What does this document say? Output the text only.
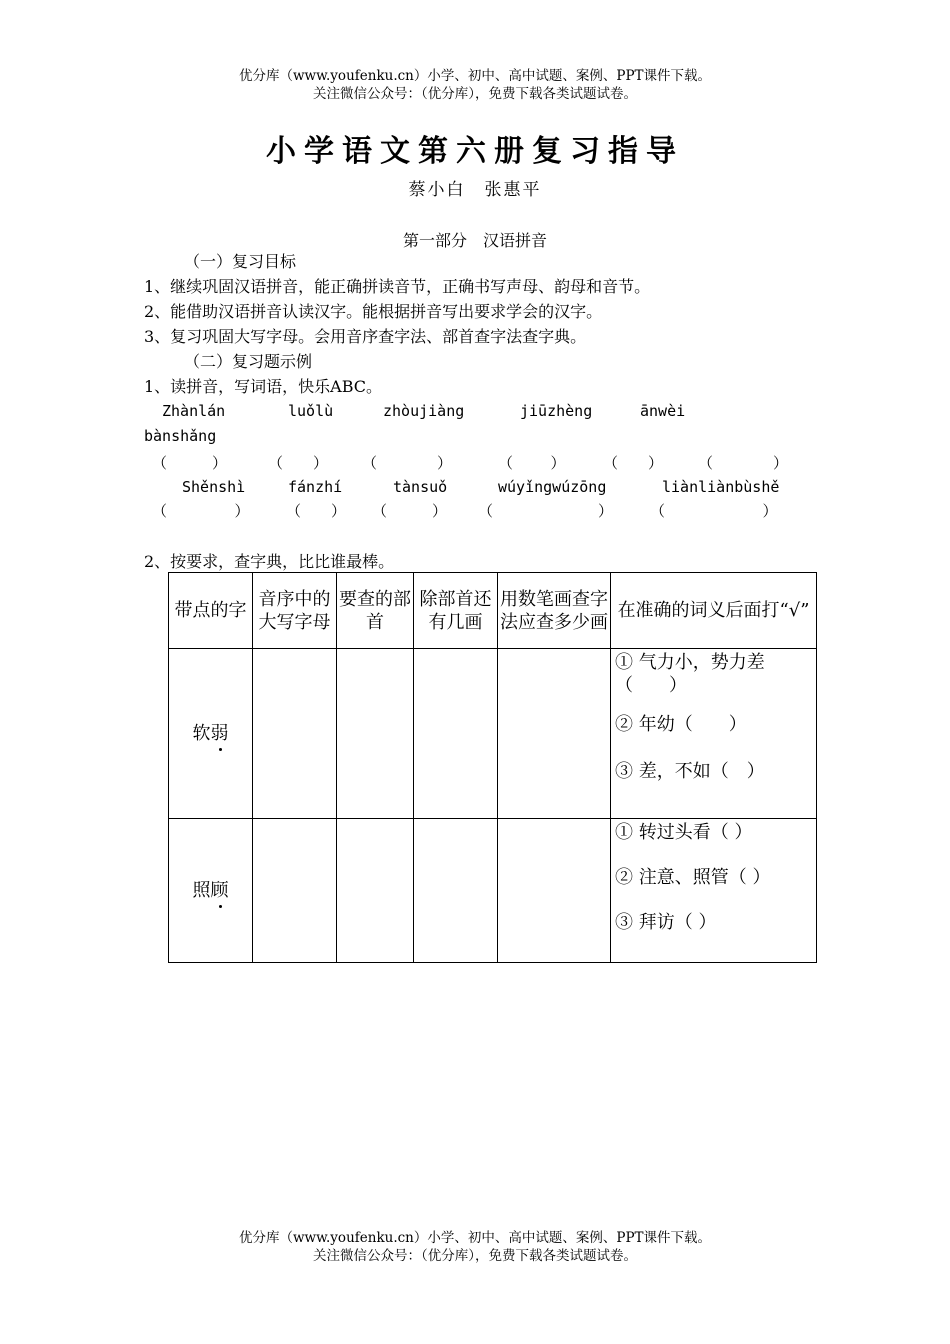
优分库（www.youfenku.cn）小学、初中、高中试题、案例、PPT课件下载。
关注微信公众号：（优分库），免费下载各类试题试卷。
小学语文第六册复习指导
蔡小白　张惠平
第一部分　汉语拼音
（一）复习目标
1、继续巩固汉语拼音，能正确拼读音节，正确书写声母、韵母和音节。
2、能借助汉语拼音认读汉字。能根据拼音写出要求学会的汉字。
3、复习巩固大写字母。会用音序查字法、部首查字法查字典。
（二）复习题示例
1、读拼音，写词语，快乐ABC。
Zhànlán	luǒlù	zhòujiàng	jiūzhèng	ānwèi
bànshǎng
（   ）	（  ） （    ）	（   ） （  ） （    ）
Shěnshì	fánzhí	tànsuǒ	wúyǐngwúzōng	liànliànbùshě
（     ） （  ） （   ） （       ） （       ）
2、按要求，查字典，比比谁最棒。
带点的字	音序中的大写字母	要查的部首	除部首还有几画	用数笔画查字法应查多少画	在准确的词义后面打“√”
软弱					① 气力小，势力差（　　）
② 年幼（　　）
③ 差，不如（　）

照顾					① 转过头看（ ）
② 注意、照管（ ）
③ 拜访（ ）
优分库（www.youfenku.cn）小学、初中、高中试题、案例、PPT课件下载。
关注微信公众号：（优分库），免费下载各类试题试卷。
